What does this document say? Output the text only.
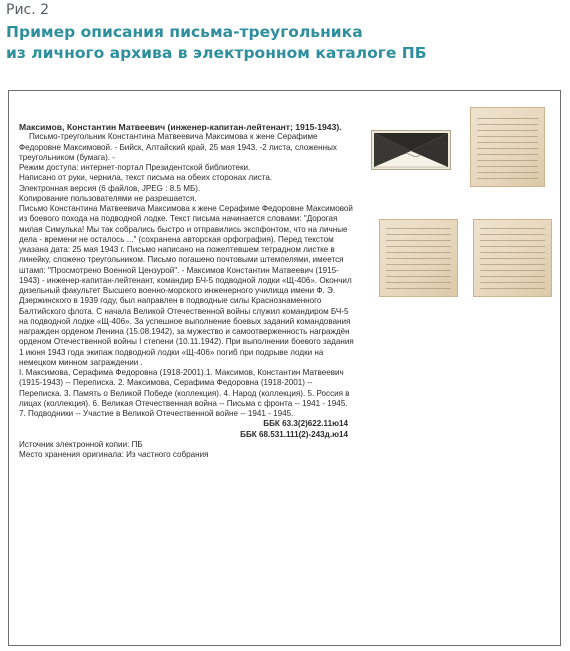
Рис. 2
Пример описания письма-треугольника
из личного архива в электронном каталоге ПБ

Максимов, Константин Матвеевич (инженер-капитан-лейтенант; 1915-1943).

Письмо-треугольник Константина Матвеевича Максимова к жене Серафиме Федоровне Максимовой. - Бийск, Алтайский край, 25 мая 1943. -2 листа, сложенных треугольником (бумага). -

Режим доступа: интернет-портал Президентской библиотеки.

Написано от руки, чернила, текст письма на обеих сторонах листа.

Электронная версия (6 файлов, JPEG : 8.5 МБ).

Копирование пользователями не разрешается.

Письмо Константина Матвеевича Максимова к жене Серафиме Федоровне Максимовой из боевого похода на подводной лодке. Текст письма начинается словами: "Дорогая милая Симулька! Мы так собрались быстро и отправились экспфонтом, что на личные дела - времени не осталось ..." (сохранена авторская орфография). Перед текстом указана дата: 25 мая 1943 г. Письмо написано на пожелтевшем тетрадном листке в линейку, сложено треугольником. Письмо погашено почтовыми штемпелями, имеется штамп: "Просмотрено Военной Цензурой". - Максимов Константин Матвеевич (1915-1943) - инженер-капитан-лейтенант, командир БЧ-5 подводной лодки «Щ-406». Окончил дизельный факультет Высшего военно-морского инженерного училища имени Ф. Э. Дзержинского в 1939 году, был направлен в подводные силы Краснознаменного Балтийского флота. С начала Великой Отечественной войны служил командиром БЧ-5 на подводной лодке «Щ-406». За успешное выполнение боевых заданий командования награжден орденом Ленина (15.08.1942), за мужество и самоотверженность награждён орденом Отечественной войны I степени (10.11.1942). При выполнении боевого задания 1 июня 1943 года экипаж подводной лодки «Щ-406» погиб при подрыве лодки на немецком минном заграждении .

I. Максимова, Серафима Федоровна (1918-2001).1. Максимов, Константин Матвеевич (1915-1943) -- Переписка. 2. Максимова, Серафима Федоровна (1918-2001) -- Переписка. 3. Память о Великой Победе (коллекция). 4. Народ (коллекция). 5. Россия в лицах (коллекция). 6. Великая Отечественная война -- Письма с фронта -- 1941 - 1945. 7. Подводники -- Участие в Великой Отечественной войне -- 1941 - 1945.

ББК 63.3(2)622.11ю14

ББК 68.531.111(2)-243д.ю14

Источник электронной копии: ПБ

Место хранения оригинала: Из частного собрания
